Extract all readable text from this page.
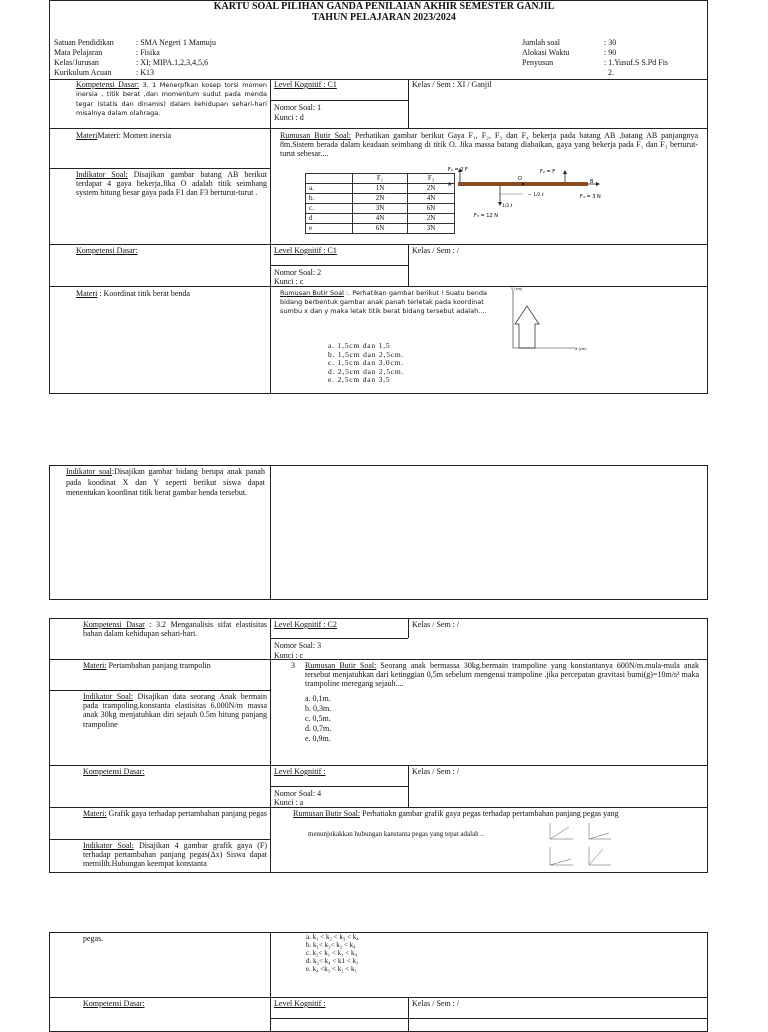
KARTU SOAL PILIHAN GANDA PENILAIAN AKHIR SEMESTER GANJIL
TAHUN PELAJARAN 2023/2024
Satuan Pendidikan	: SMA Negeri 1 Mamuju
Mata Pelajaran	: Fisika
Kelas/Jurusan	: XI; MIPA.1,2,3,4,5,6
Kurikulum Acuan	: K13
Jumlah soal	: 30
Alokasi Waktu	: 90
Penyusun	: 1.Yusuf.S S.Pd Fis
2.
Kompetensi Dasar: 3. 1 Menerpfkan kosep torsi momen inersia , titik berat ,dan momentum sudut pada menda tegar (statis dan dinamis) dalam kehidupan sehari-hari misalnya dalam olahraga.
Level Kognitif : C1	Kelas / Sem : XI / Ganjil
Nomor Soal: 1
Kunci : d
MateriMateri: Momen inersia
Indikator Soal: Disajikan gambar batang AB berikut terdapat 4 gaya bekerja.Jika O adalah titik seimbang system hitung besar gaya pada F1 dan F3 berturut-turut .
Rumusan Butir Soal: Perhatikan gambar berikut Gaya F₁, F₂, F₃ dan F₄ bekerja pada batang AB ,batang AB panjangnya 8m.Sistem berada dalam keadaan seimbang di titik O. Jika massa batang diabaikan, gaya yang bekerja pada F₁ dan F₃ berturut-turut sebesar....
	F₁	F₃
a.	1N	2N
b.	2N	4N
c.	3N	6N
d	4N	2N
e	6N	3N
F₁ = 2 F	F₂ = F
O
A	B
F₄ = 3 N
− 1/2 ℓ
1/2 ℓ
F₃ = 12 N
Kompetensi Dasar:	Level Kognitif : C1	Kelas / Sem : /
Nomor Soal: 2
Kunci : c
Materi : Koordinat titik berat benda	Rumusan Butir Soal :. Perhatikan gambar berikut ! Suatu benda bidang berbentuk gambar anak panah terletak pada koordinat sumbu x dan y maka letak titik berat bidang tersebut adalah....
a. 1,5cm dan 1,5
b. 1,5cm dan 2,5cm.
c. 1,5cm dan 3,0cm.
d. 2,5cm dan 2,5cm.
e. 2,5cm dan 3,5
Y (cm)
X (cm)
Indikator soal:Disajikan gambar bidang berupa anak panah pada koodinat X dan Y seperti berikut siswa dapat menentukan koordinat titik berat gambar benda tersebut.
Kompetensi Dasar : 3.2 Menganalisis sifat elastisitas bahan dalam kehidupan sehari-hari.
Level Kognitif : C2	Kelas / Sem : /
Nomor Soal: 3
Kunci : c
Materi: Pertambahan panjang trampolin
Indikator Soal: Disajikan data seorang Anak bermain pada trampoling.konstanta elastisitas 6.000N/m massa anak 30kg menjatuhkan diri sejauh 0.5m hitung panjang trampoline
3	Rumusan Butir Soal: Seorang anak bermassa 30kg.bermain trampoline yang konstantanya 600N/m.mula-mula anak tersebut menjatuhkan dari ketinggian 0,5m sebelum mengenai trampoline .jika percepatan gravitasi bumi(g)=10m/s² maka trampoline meregang sejauh....
a. 0,1m.
b. 0,3m.
c. 0,5m.
d. 0,7m.
e. 0,9m.
Kompetensi Dasar:	Level Kognitif :	Kelas / Sem : /
Nomor Soal: 4
Kunci : a
Materi: Grafik gaya terhadap pertambahan panjang pegas
Indikator Soal: Disajikan 4 gambar grafik gaya (F) terhadap pertambahan panjang pegas(Δx) Siswa dapat memilih.Hubungan keempat konstanta
Rumusan Butir Soal: Perhatiakn gambar grafik gaya pegas terhadap pertambahan panjang pegas yang
menunjukakkan hubungan kanstanta pegas yang tepat adalah ..
pegas.	a. k₁ < k₂ < k₃ < k₄
b. k₁< k₃< k₂ < k₄
c. k₂< k₁ < k₃ < k₄
d. k₂< k₄ < k1 < k₃
e. k₄ <k₃ < k₂ < k₁
Kompetensi Dasar:	Level Kognitif :	Kelas / Sem : /
